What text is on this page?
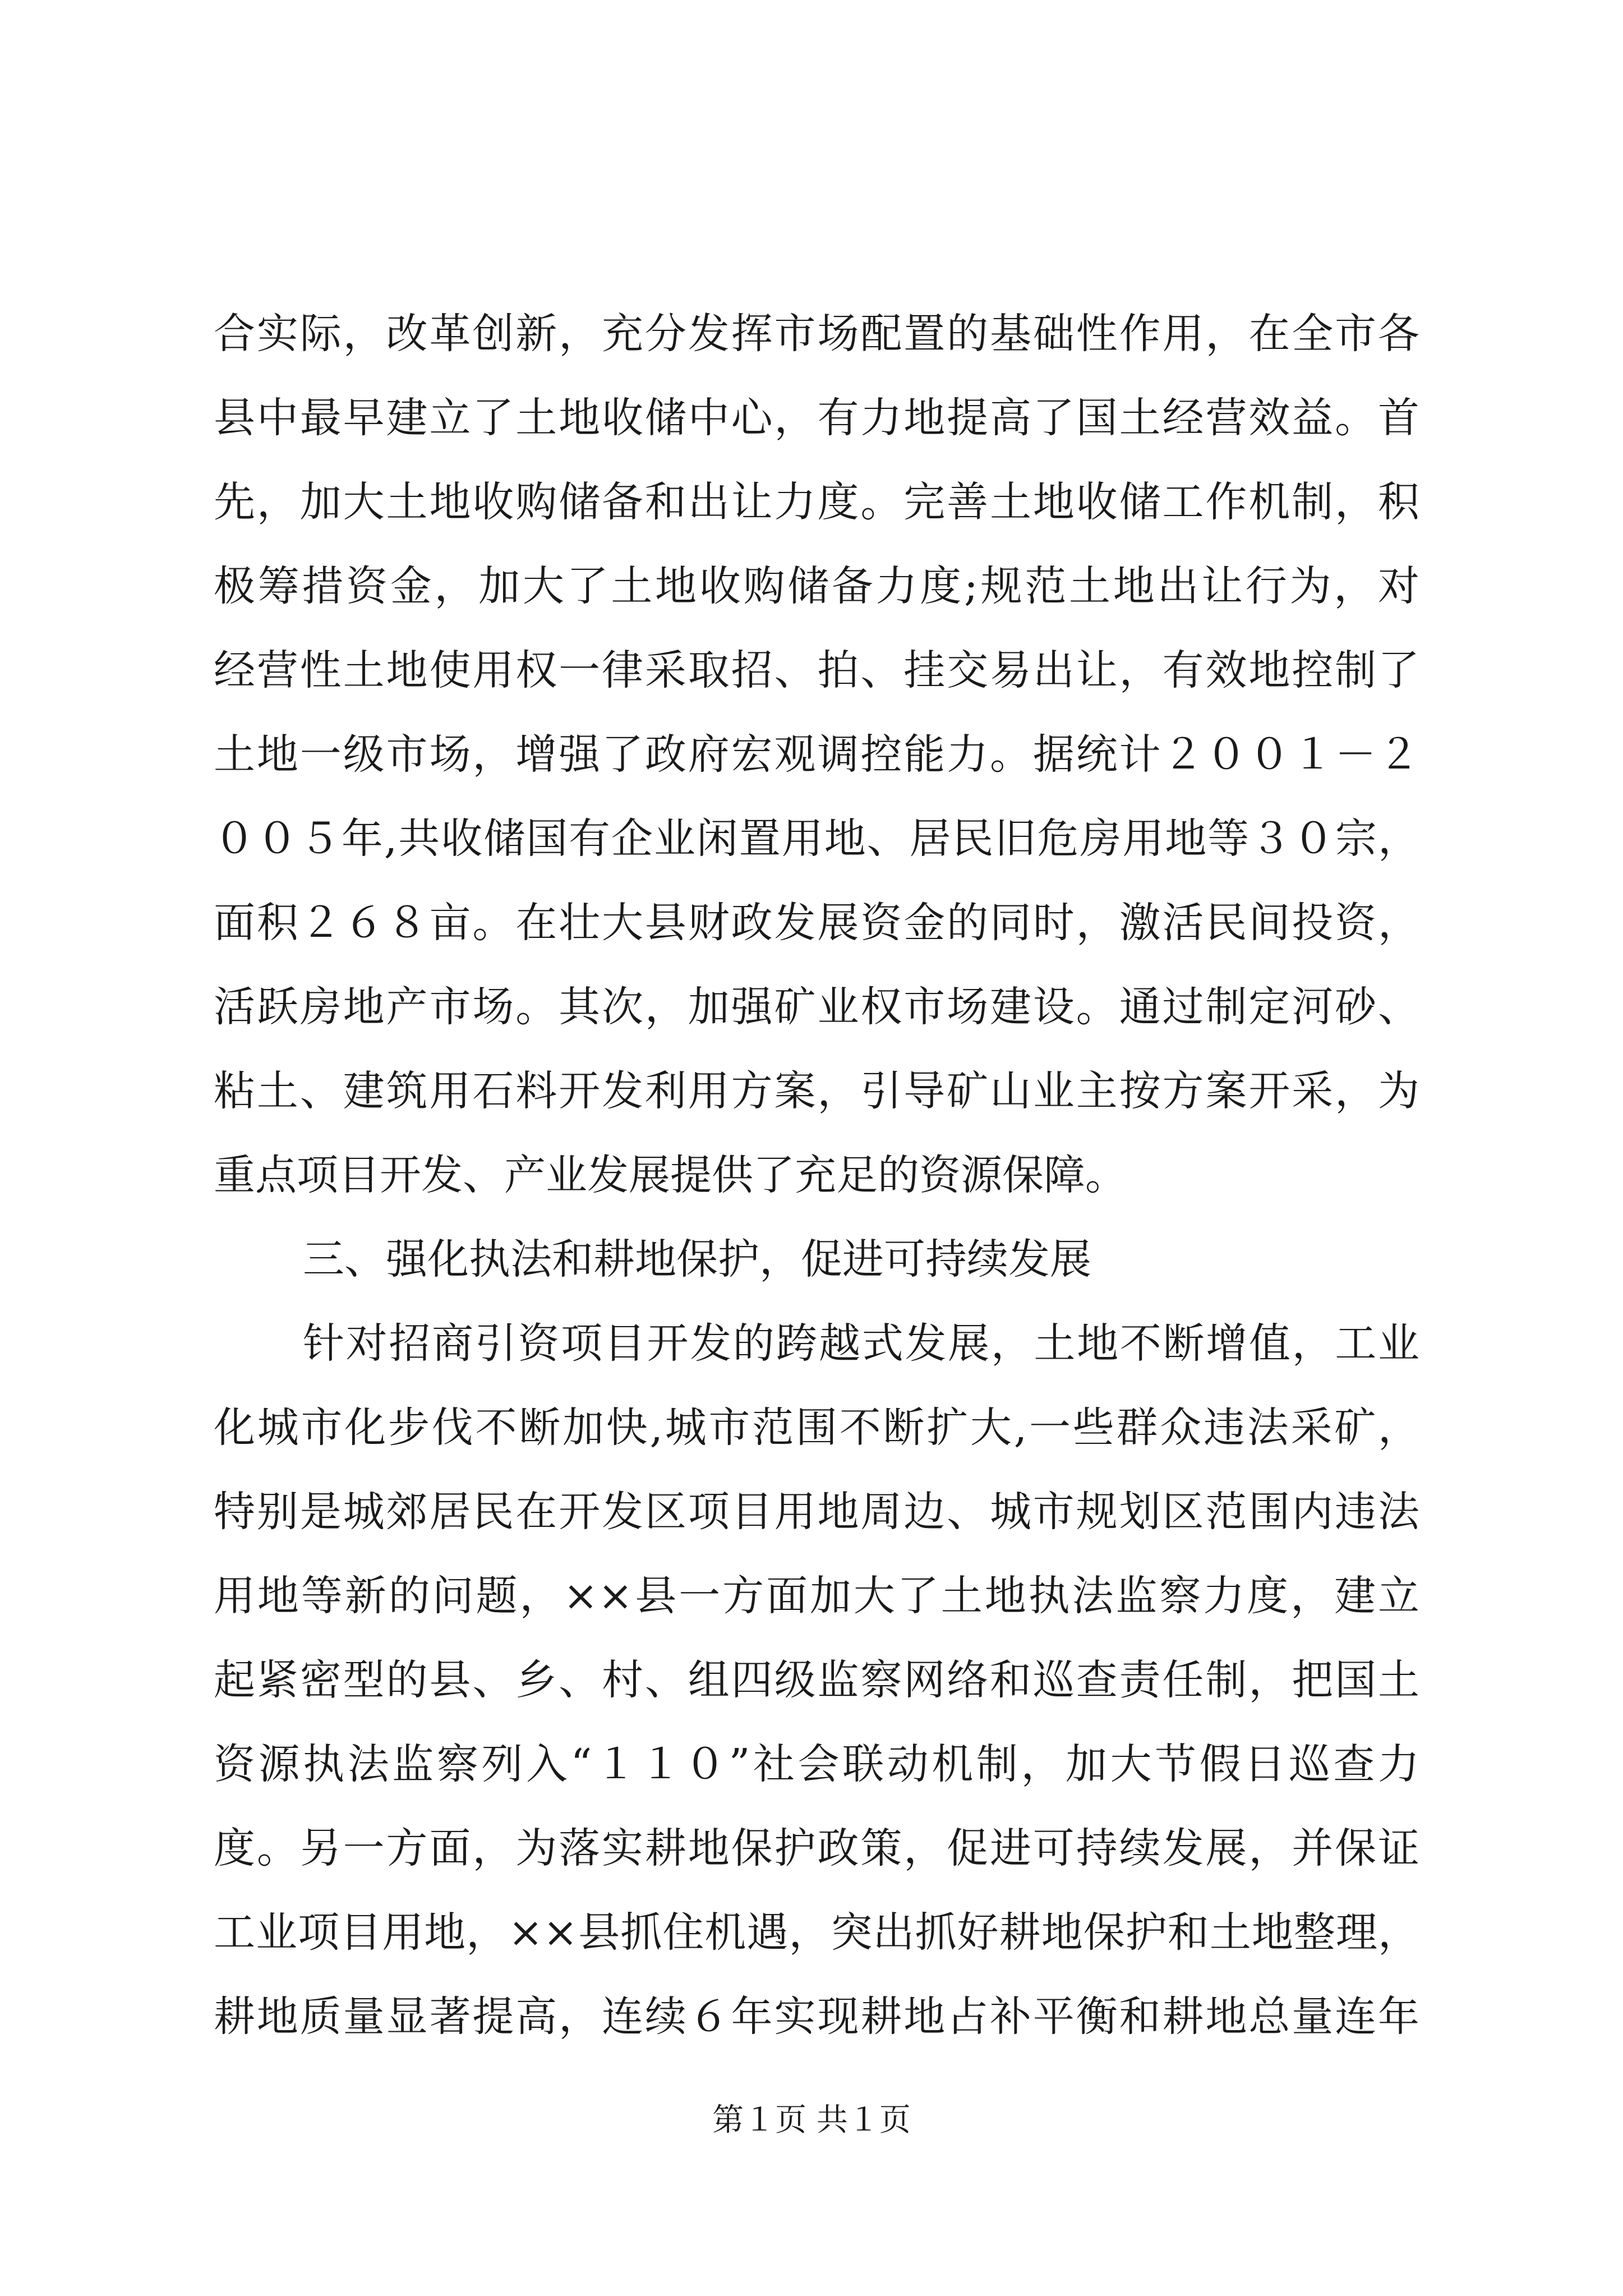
合实际，改革创新，充分发挥市场配置的基础性作用，在全市各
县中最早建立了土地收储中心，有力地提高了国土经营效益。首
先，加大土地收购储备和出让力度。完善土地收储工作机制，积
极筹措资金，加大了土地收购储备力度;规范土地出让行为，对
经营性土地使用权一律采取招、拍、挂交易出让，有效地控制了
土地一级市场，增强了政府宏观调控能力。据统计２００１－２
００５年,共收储国有企业闲置用地、居民旧危房用地等３０宗，
面积２６８亩。在壮大县财政发展资金的同时，激活民间投资，
活跃房地产市场。其次，加强矿业权市场建设。通过制定河砂、
粘土、建筑用石料开发利用方案，引导矿山业主按方案开采，为
重点项目开发、产业发展提供了充足的资源保障。
三、强化执法和耕地保护，促进可持续发展
针对招商引资项目开发的跨越式发展，土地不断增值，工业
化城市化步伐不断加快,城市范围不断扩大,一些群众违法采矿，
特别是城郊居民在开发区项目用地周边、城市规划区范围内违法
用地等新的问题，××县一方面加大了土地执法监察力度，建立
起紧密型的县、乡、村、组四级监察网络和巡查责任制，把国土
资源执法监察列入“１１０”社会联动机制，加大节假日巡查力
度。另一方面，为落实耕地保护政策，促进可持续发展，并保证
工业项目用地，××县抓住机遇，突出抓好耕地保护和土地整理，
耕地质量显著提高，连续６年实现耕地占补平衡和耕地总量连年
第１页 共１页
